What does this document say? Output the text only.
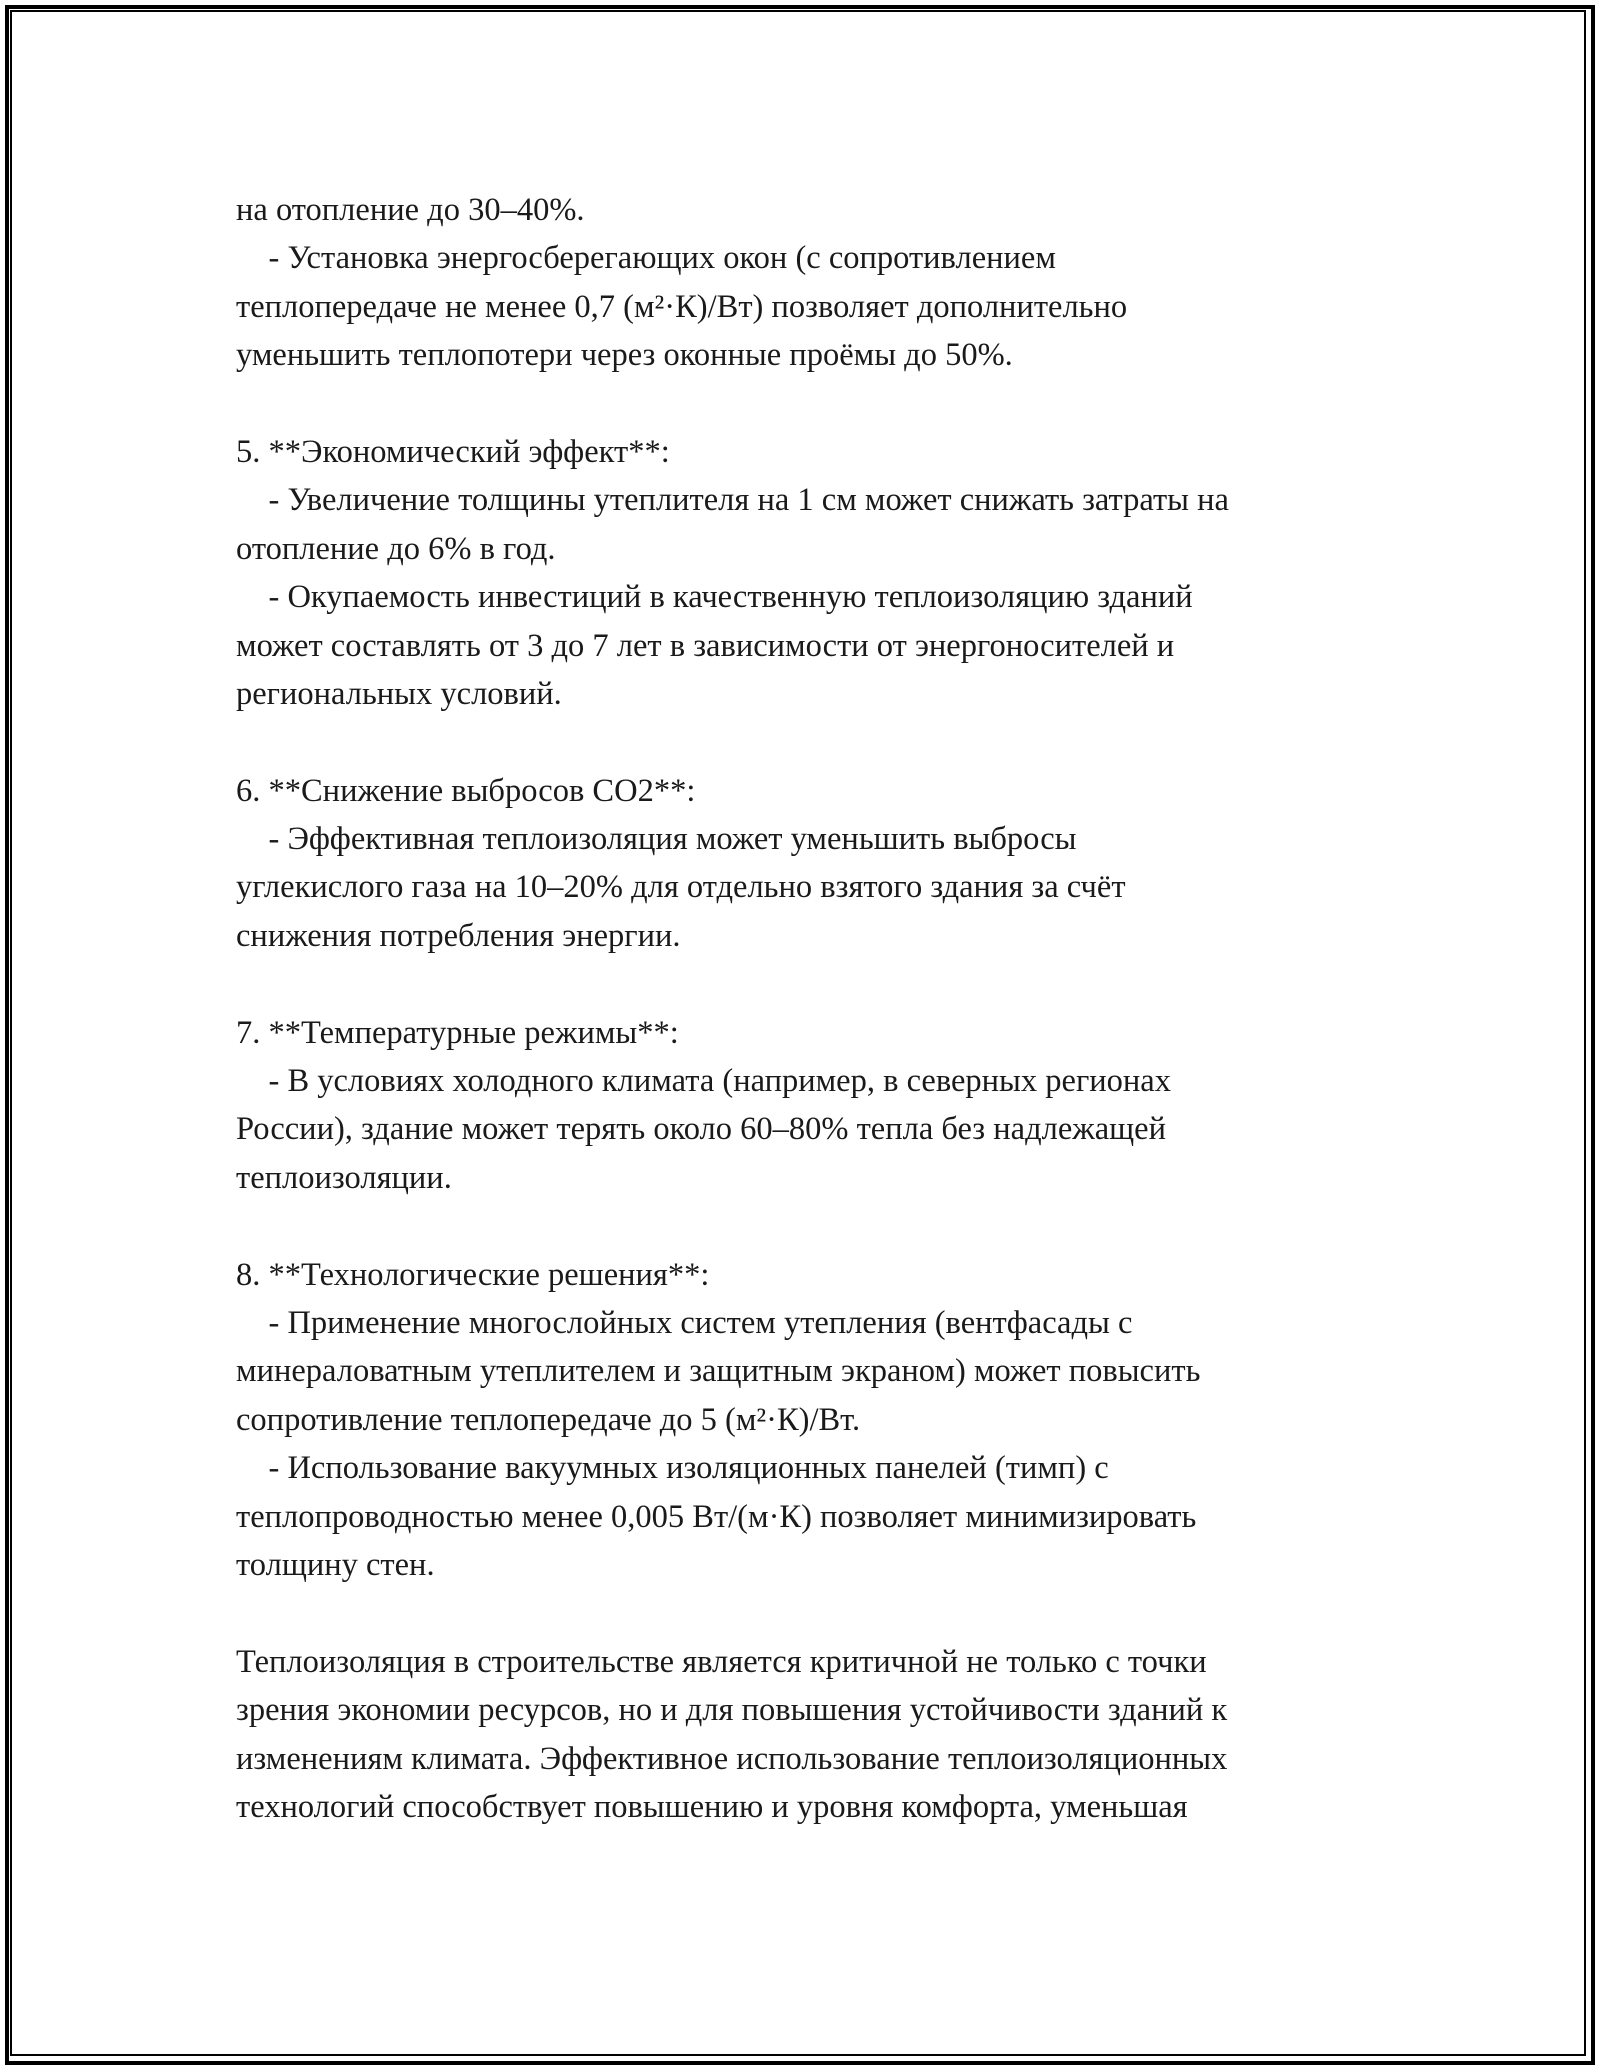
на отопление до 30–40%.
- Установка энергосберегающих окон (с сопротивлением
теплопередаче не менее 0,7 (м²·К)/Вт) позволяет дополнительно
уменьшить теплопотери через оконные проёмы до 50%.
5. **Экономический эффект**:
- Увеличение толщины утеплителя на 1 см может снижать затраты на
отопление до 6% в год.
- Окупаемость инвестиций в качественную теплоизоляцию зданий
может составлять от 3 до 7 лет в зависимости от энергоносителей и
региональных условий.
6. **Снижение выбросов CO2**:
- Эффективная теплоизоляция может уменьшить выбросы
углекислого газа на 10–20% для отдельно взятого здания за счёт
снижения потребления энергии.
7. **Температурные режимы**:
- В условиях холодного климата (например, в северных регионах
России), здание может терять около 60–80% тепла без надлежащей
теплоизоляции.
8. **Технологические решения**:
- Применение многослойных систем утепления (вентфасады с
минераловатным утеплителем и защитным экраном) может повысить
сопротивление теплопередаче до 5 (м²·К)/Вт.
- Использование вакуумных изоляционных панелей (тимп) с
теплопроводностью менее 0,005 Вт/(м·К) позволяет минимизировать
толщину стен.
Теплоизоляция в строительстве является критичной не только с точки
зрения экономии ресурсов, но и для повышения устойчивости зданий к
изменениям климата. Эффективное использование теплоизоляционных
технологий способствует повышению и уровня комфорта, уменьшая
